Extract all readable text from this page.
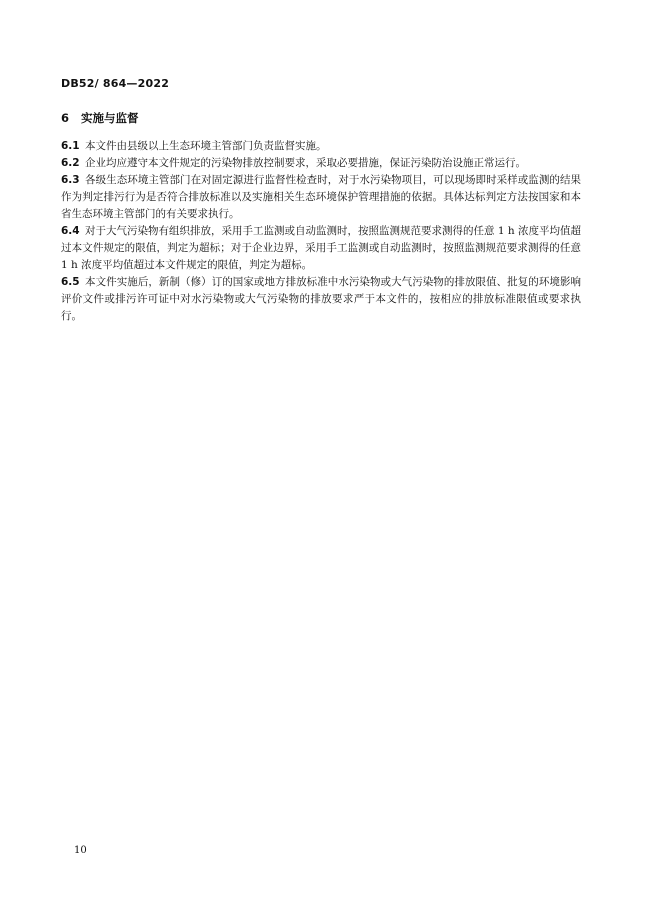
DB52/ 864—2022
6 实施与监督

6.1 本文件由县级以上生态环境主管部门负责监督实施。

6.2 企业均应遵守本文件规定的污染物排放控制要求，采取必要措施，保证污染防治设施正常运行。

6.3 各级生态环境主管部门在对固定源进行监督性检查时，对于水污染物项目，可以现场即时采样或监测的结果作为判定排污行为是否符合排放标准以及实施相关生态环境保护管理措施的依据。具体达标判定方法按国家和本省生态环境主管部门的有关要求执行。

6.4 对于大气污染物有组织排放，采用手工监测或自动监测时，按照监测规范要求测得的任意 1 h 浓度平均值超过本文件规定的限值，判定为超标；对于企业边界，采用手工监测或自动监测时，按照监测规范要求测得的任意 1 h 浓度平均值超过本文件规定的限值，判定为超标。

6.5 本文件实施后，新制（修）订的国家或地方排放标准中水污染物或大气污染物的排放限值、批复的环境影响评价文件或排污许可证中对水污染物或大气污染物的排放要求严于本文件的，按相应的排放标准限值或要求执行。

10
